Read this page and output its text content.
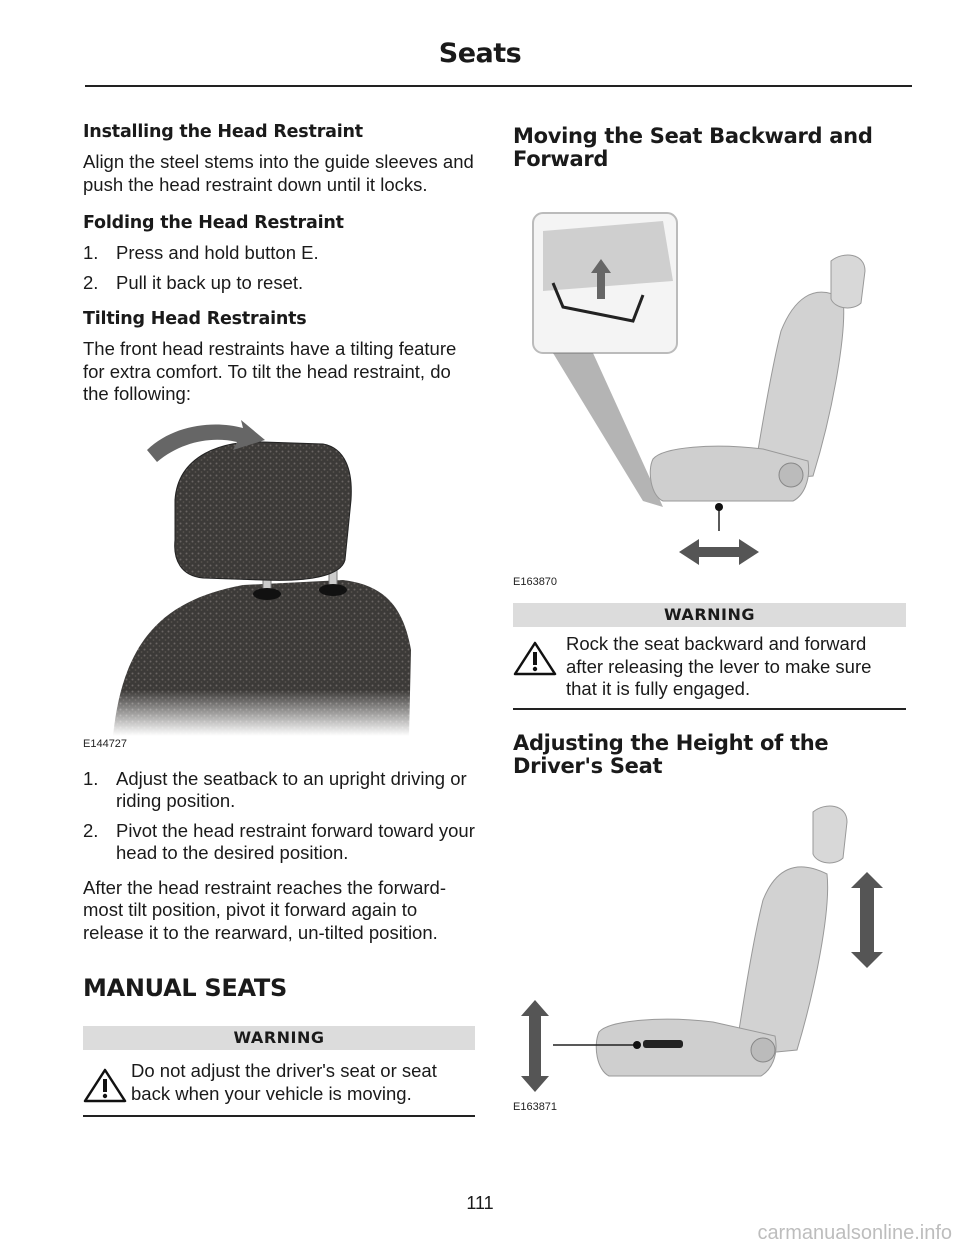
Seats
Installing the Head Restraint

Align the steel stems into the guide sleeves and push the head restraint down until it locks.

Folding the Head Restraint
1. Press and hold button E.
2. Pull it back up to reset.
Tilting Head Restraints

The front head restraints have a tilting feature for extra comfort. To tilt the head restraint, do the following:

E144727
1. Adjust the seatback to an upright driving or riding position.
2. Pivot the head restraint forward toward your head to the desired position.

After the head restraint reaches the forward-most tilt position, pivot it forward again to release it to the rearward, un-tilted position.

MANUAL SEATS
WARNING
Do not adjust the driver's seat or seat back when your vehicle is moving.
Moving the Seat Backward and Forward
E163870
WARNING
Rock the seat backward and forward after releasing the lever to make sure that it is fully engaged.
Adjusting the Height of the Driver's Seat
E163871
111
carmanualsonline.info
